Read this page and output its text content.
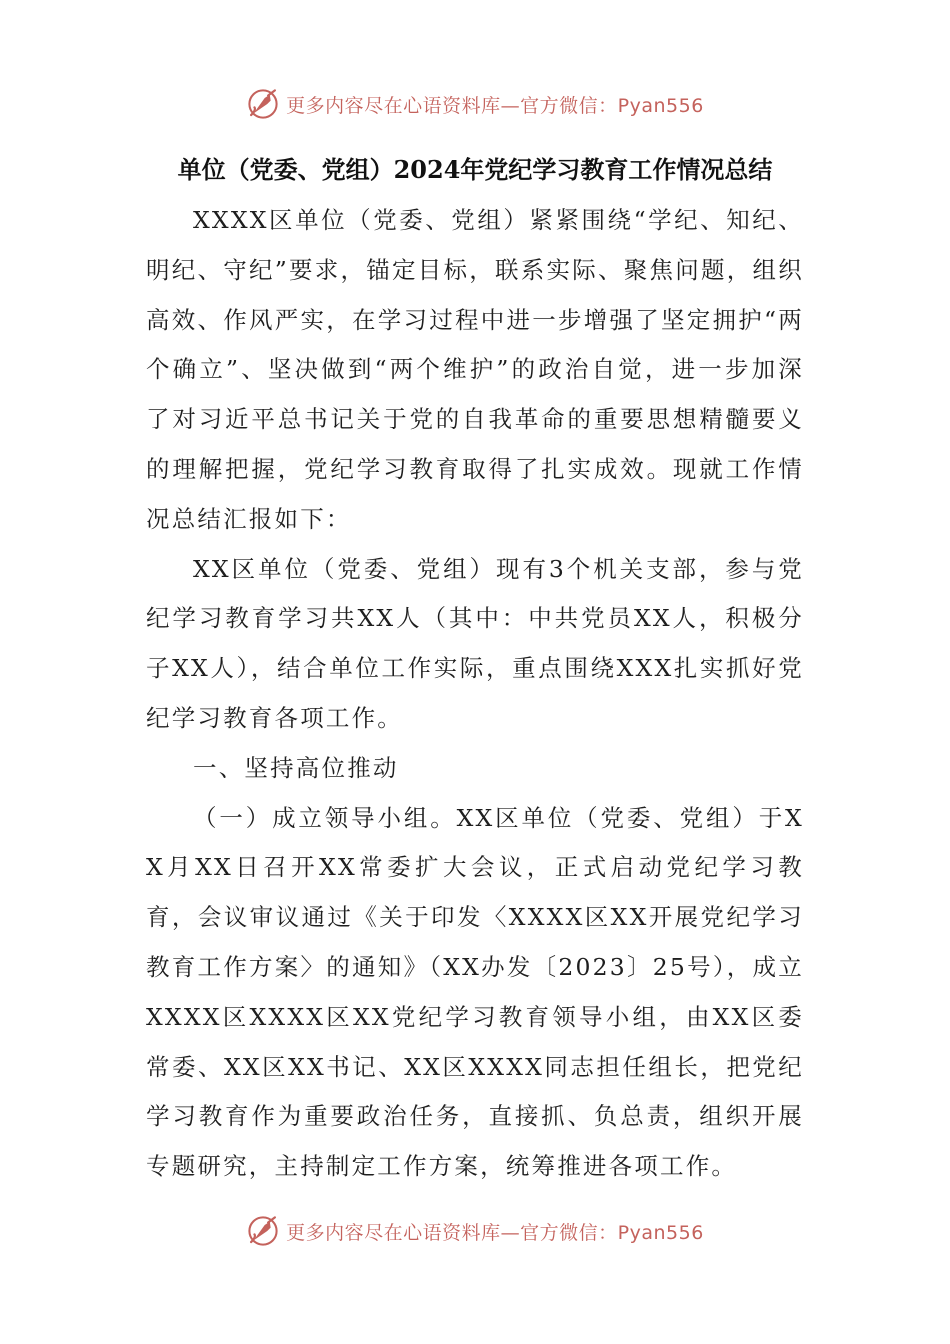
更多内容尽在心语资料库—官方微信：Pyan556
单位（党委、党组）2024年党纪学习教育工作情况总结

XXXX区单位（党委、党组）紧紧围绕“学纪、知纪、明纪、守纪”要求，锚定目标，联系实际、聚焦问题，组织高效、作风严实，在学习过程中进一步增强了坚定拥护“两个确立”、坚决做到“两个维护”的政治自觉，进一步加深了对习近平总书记关于党的自我革命的重要思想精髓要义的理解把握，党纪学习教育取得了扎实成效。现就工作情况总结汇报如下：

XX区单位（党委、党组）现有3个机关支部，参与党纪学习教育学习共XX人（其中：中共党员XX人，积极分子XX人），结合单位工作实际，重点围绕XXX扎实抓好党纪学习教育各项工作。

一、坚持高位推动

（一）成立领导小组。XX区单位（党委、党组）于XX月XX日召开XX常委扩大会议，正式启动党纪学习教育，会议审议通过《关于印发〈XXXX区XX开展党纪学习教育工作方案〉的通知》（XX办发〔2023〕25号），成立XXXX区XXXX区XX党纪学习教育领导小组，由XX区委常委、XX区XX书记、XX区XXXX同志担任组长，把党纪学习教育作为重要政治任务，直接抓、负总责，组织开展专题研究，主持制定工作方案，统筹推进各项工作。

更多内容尽在心语资料库—官方微信：Pyan556
